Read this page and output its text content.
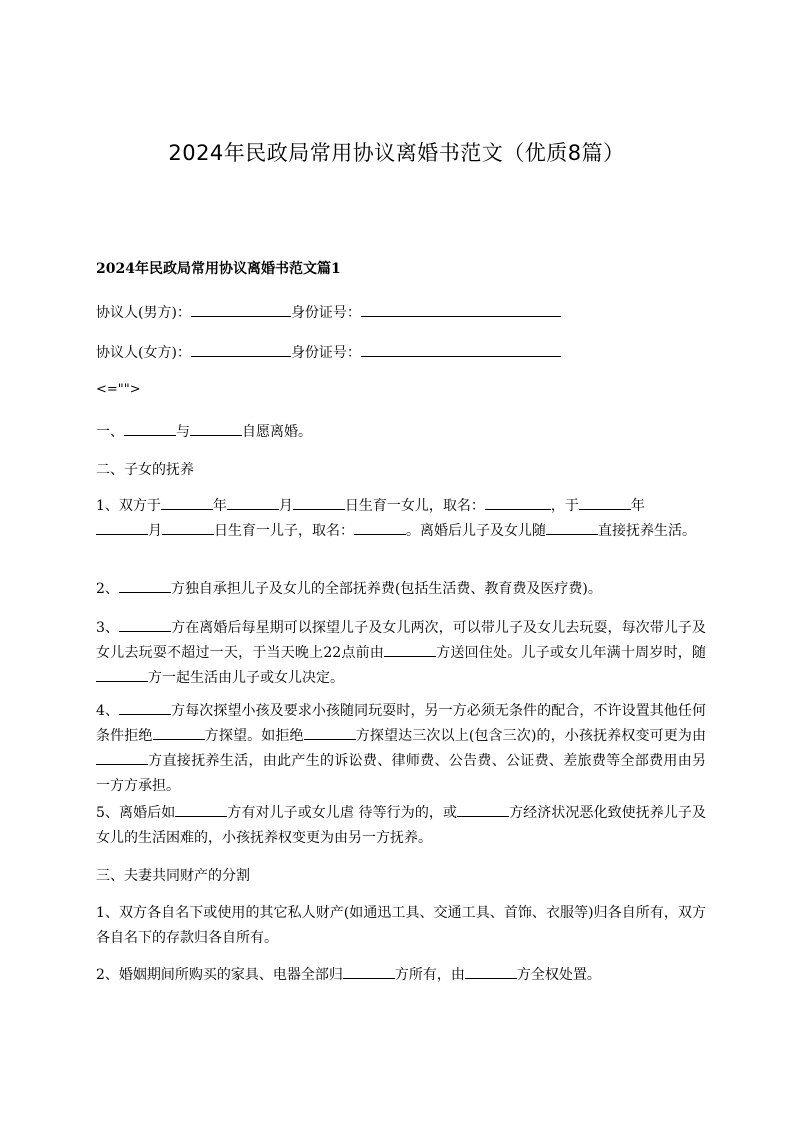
2024年民政局常用协议离婚书范文（优质8篇）
2024年民政局常用协议离婚书范文篇1
协议人(男方)：	身份证号：
协议人(女方)：	身份证号：
<="">
一、	与	自愿离婚。
二、子女的抚养
1、双方于	年	月	日生育一女儿，取名：	，于	年
月	日生育一儿子，取名：	。离婚后儿子及女儿随	直接抚养生活。
2、	方独自承担儿子及女儿的全部抚养费(包括生活费、教育费及医疗费)。
3、	方在离婚后每星期可以探望儿子及女儿两次，可以带儿子及女儿去玩耍，每次带儿子及女儿去玩耍不超过一天，于当天晚上22点前由	方送回住处。儿子或女儿年满十周岁时，随方一起生活由儿子或女儿决定。
4、	方每次探望小孩及要求小孩随同玩耍时，另一方必须无条件的配合，不许设置其他任何条件拒绝	方探望。如拒绝	方探望达三次以上(包含三次)的，小孩抚养权变可更为由方直接抚养生活，由此产生的诉讼费、律师费、公告费、公证费、差旅费等全部费用由另一方方承担。
5、离婚后如	方有对儿子或女儿虐 待等行为的，或	方经济状况恶化致使抚养儿子及女儿的生活困难的，小孩抚养权变更为由另一方抚养。
三、夫妻共同财产的分割
1、双方各自名下或使用的其它私人财产(如通迅工具、交通工具、首饰、衣服等)归各自所有，双方各自名下的存款归各自所有。
2、婚姻期间所购买的家具、电器全部归	方所有，由	方全权处置。
